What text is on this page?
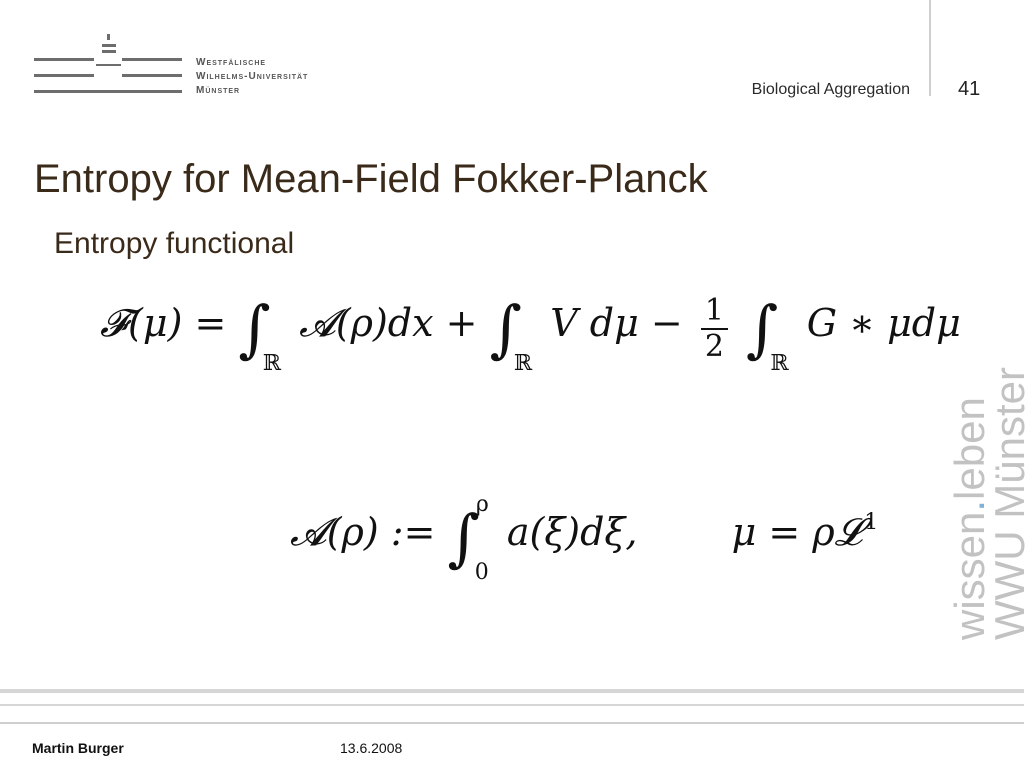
Westfälische
Wilhelms-Universität
Münster	Biological Aggregation 41
Entropy for Mean-Field Fokker-Planck
Entropy functional
𝓕(μ) = $\int_ℝ$ 𝓐(ρ)dx + $\int_ℝ$ V $d\mu - \frac{1}{2} \int_ℝ$ G ∗ μdμ
𝓐(ρ) := ∫$^\rho_0$ a(ξ)dξ, μ = ρ𝓛$^1$ wissen.leben
WWU Münster
Martin Burger	13.6.2008
